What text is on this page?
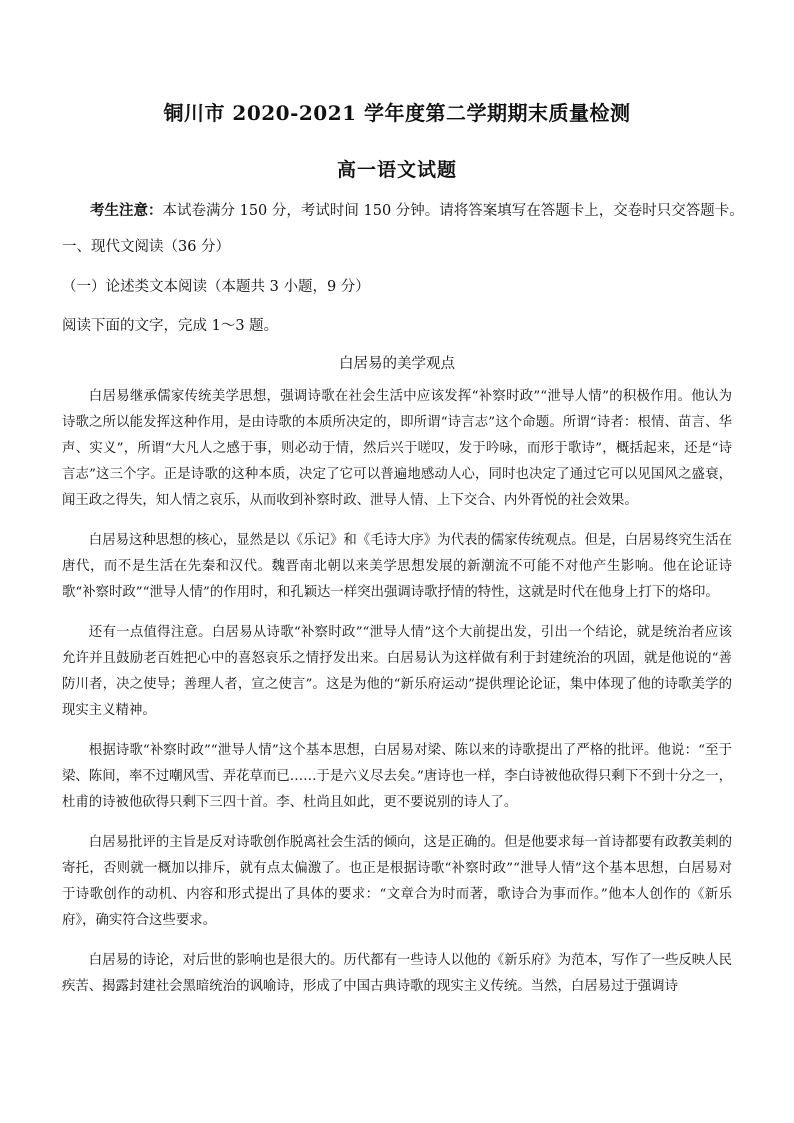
铜川市 2020-2021 学年度第二学期期末质量检测
高一语文试题
考生注意：本试卷满分 150 分，考试时间 150 分钟。请将答案填写在答题卡上，交卷时只交答题卡。
一、现代文阅读（36 分）
（一）论述类文本阅读（本题共 3 小题，9 分）
阅读下面的文字，完成 1～3 题。
白居易的美学观点

白居易继承儒家传统美学思想，强调诗歌在社会生活中应该发挥“补察时政”“泄导人情”的积极作用。他认为诗歌之所以能发挥这种作用，是由诗歌的本质所决定的，即所谓“诗言志”这个命题。所谓“诗者：根情、苗言、华声、实义”，所谓“大凡人之感于事，则必动于情，然后兴于嗟叹，发于吟咏，而形于歌诗”，概括起来，还是“诗言志”这三个字。正是诗歌的这种本质，决定了它可以普遍地感动人心，同时也决定了通过它可以见国风之盛衰，闻王政之得失，知人情之哀乐，从而收到补察时政、泄导人情、上下交合、内外胥悦的社会效果。

白居易这种思想的核心，显然是以《乐记》和《毛诗大序》为代表的儒家传统观点。但是，白居易终究生活在唐代，而不是生活在先秦和汉代。魏晋南北朝以来美学思想发展的新潮流不可能不对他产生影响。他在论证诗歌“补察时政”“泄导人情”的作用时，和孔颖达一样突出强调诗歌抒情的特性，这就是时代在他身上打下的烙印。

还有一点值得注意。白居易从诗歌“补察时政”“泄导人情”这个大前提出发，引出一个结论，就是统治者应该允许并且鼓励老百姓把心中的喜怒哀乐之情抒发出来。白居易认为这样做有利于封建统治的巩固，就是他说的“善防川者，决之使导；善理人者，宣之使言”。这是为他的“新乐府运动”提供理论论证，集中体现了他的诗歌美学的现实主义精神。

根据诗歌“补察时政”“泄导人情”这个基本思想，白居易对梁、陈以来的诗歌提出了严格的批评。他说：“至于梁、陈间，率不过嘲风雪、弄花草而已……于是六义尽去矣。”唐诗也一样，李白诗被他砍得只剩下不到十分之一，杜甫的诗被他砍得只剩下三四十首。李、杜尚且如此，更不要说别的诗人了。

白居易批评的主旨是反对诗歌创作脱离社会生活的倾向，这是正确的。但是他要求每一首诗都要有政教美刺的寄托，否则就一概加以排斥，就有点太偏激了。也正是根据诗歌“补察时政”“泄导人情”这个基本思想，白居易对于诗歌创作的动机、内容和形式提出了具体的要求：“文章合为时而著，歌诗合为事而作。”他本人创作的《新乐府》，确实符合这些要求。

白居易的诗论，对后世的影响也是很大的。历代都有一些诗人以他的《新乐府》为范本，写作了一些反映人民疾苦、揭露封建社会黑暗统治的讽喻诗，形成了中国古典诗歌的现实主义传统。当然，白居易过于强调诗
